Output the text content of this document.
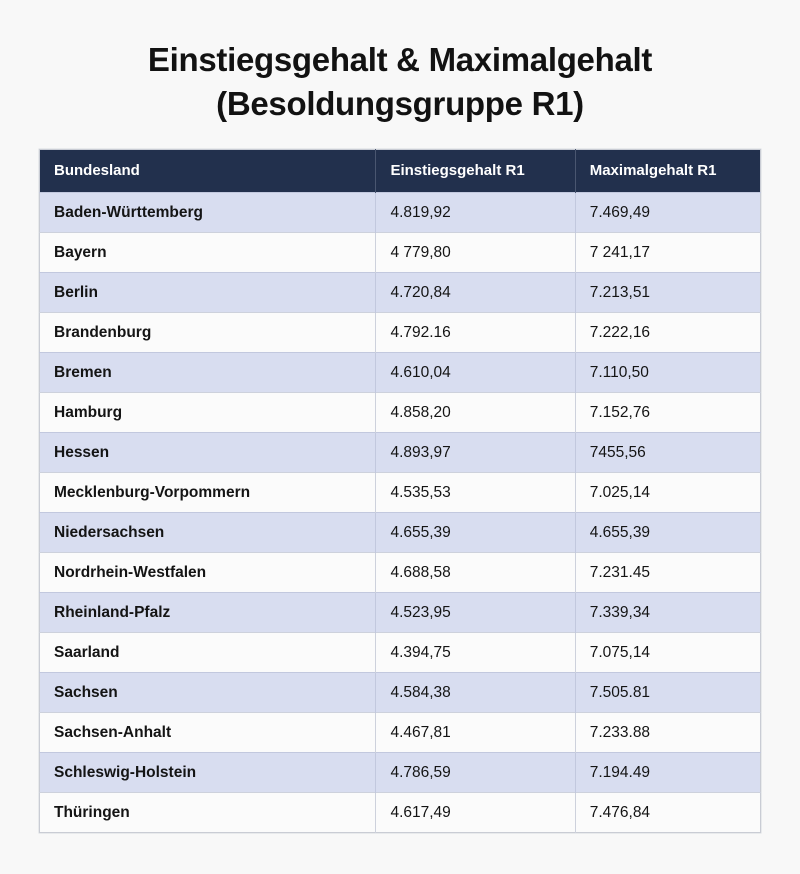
Einstiegsgehalt & Maximalgehalt
(Besoldungsgruppe R1)
Bundesland	Einstiegsgehalt R1	Maximalgehalt R1
Baden-Württemberg	4.819,92	7.469,49
Bayern	4 779,80	7 241,17
Berlin	4.720,84	7.213,51
Brandenburg	4.792.16	7.222,16
Bremen	4.610,04	7.110,50
Hamburg	4.858,20	7.152,76
Hessen	4.893,97	7455,56
Mecklenburg-Vorpommern	4.535,53	7.025,14
Niedersachsen	4.655,39	4.655,39
Nordrhein-Westfalen	4.688,58	7.231.45
Rheinland-Pfalz	4.523,95	7.339,34
Saarland	4.394,75	7.075,14
Sachsen	4.584,38	7.505.81
Sachsen-Anhalt	4.467,81	7.233.88
Schleswig-Holstein	4.786,59	7.194.49
Thüringen	4.617,49	7.476,84
